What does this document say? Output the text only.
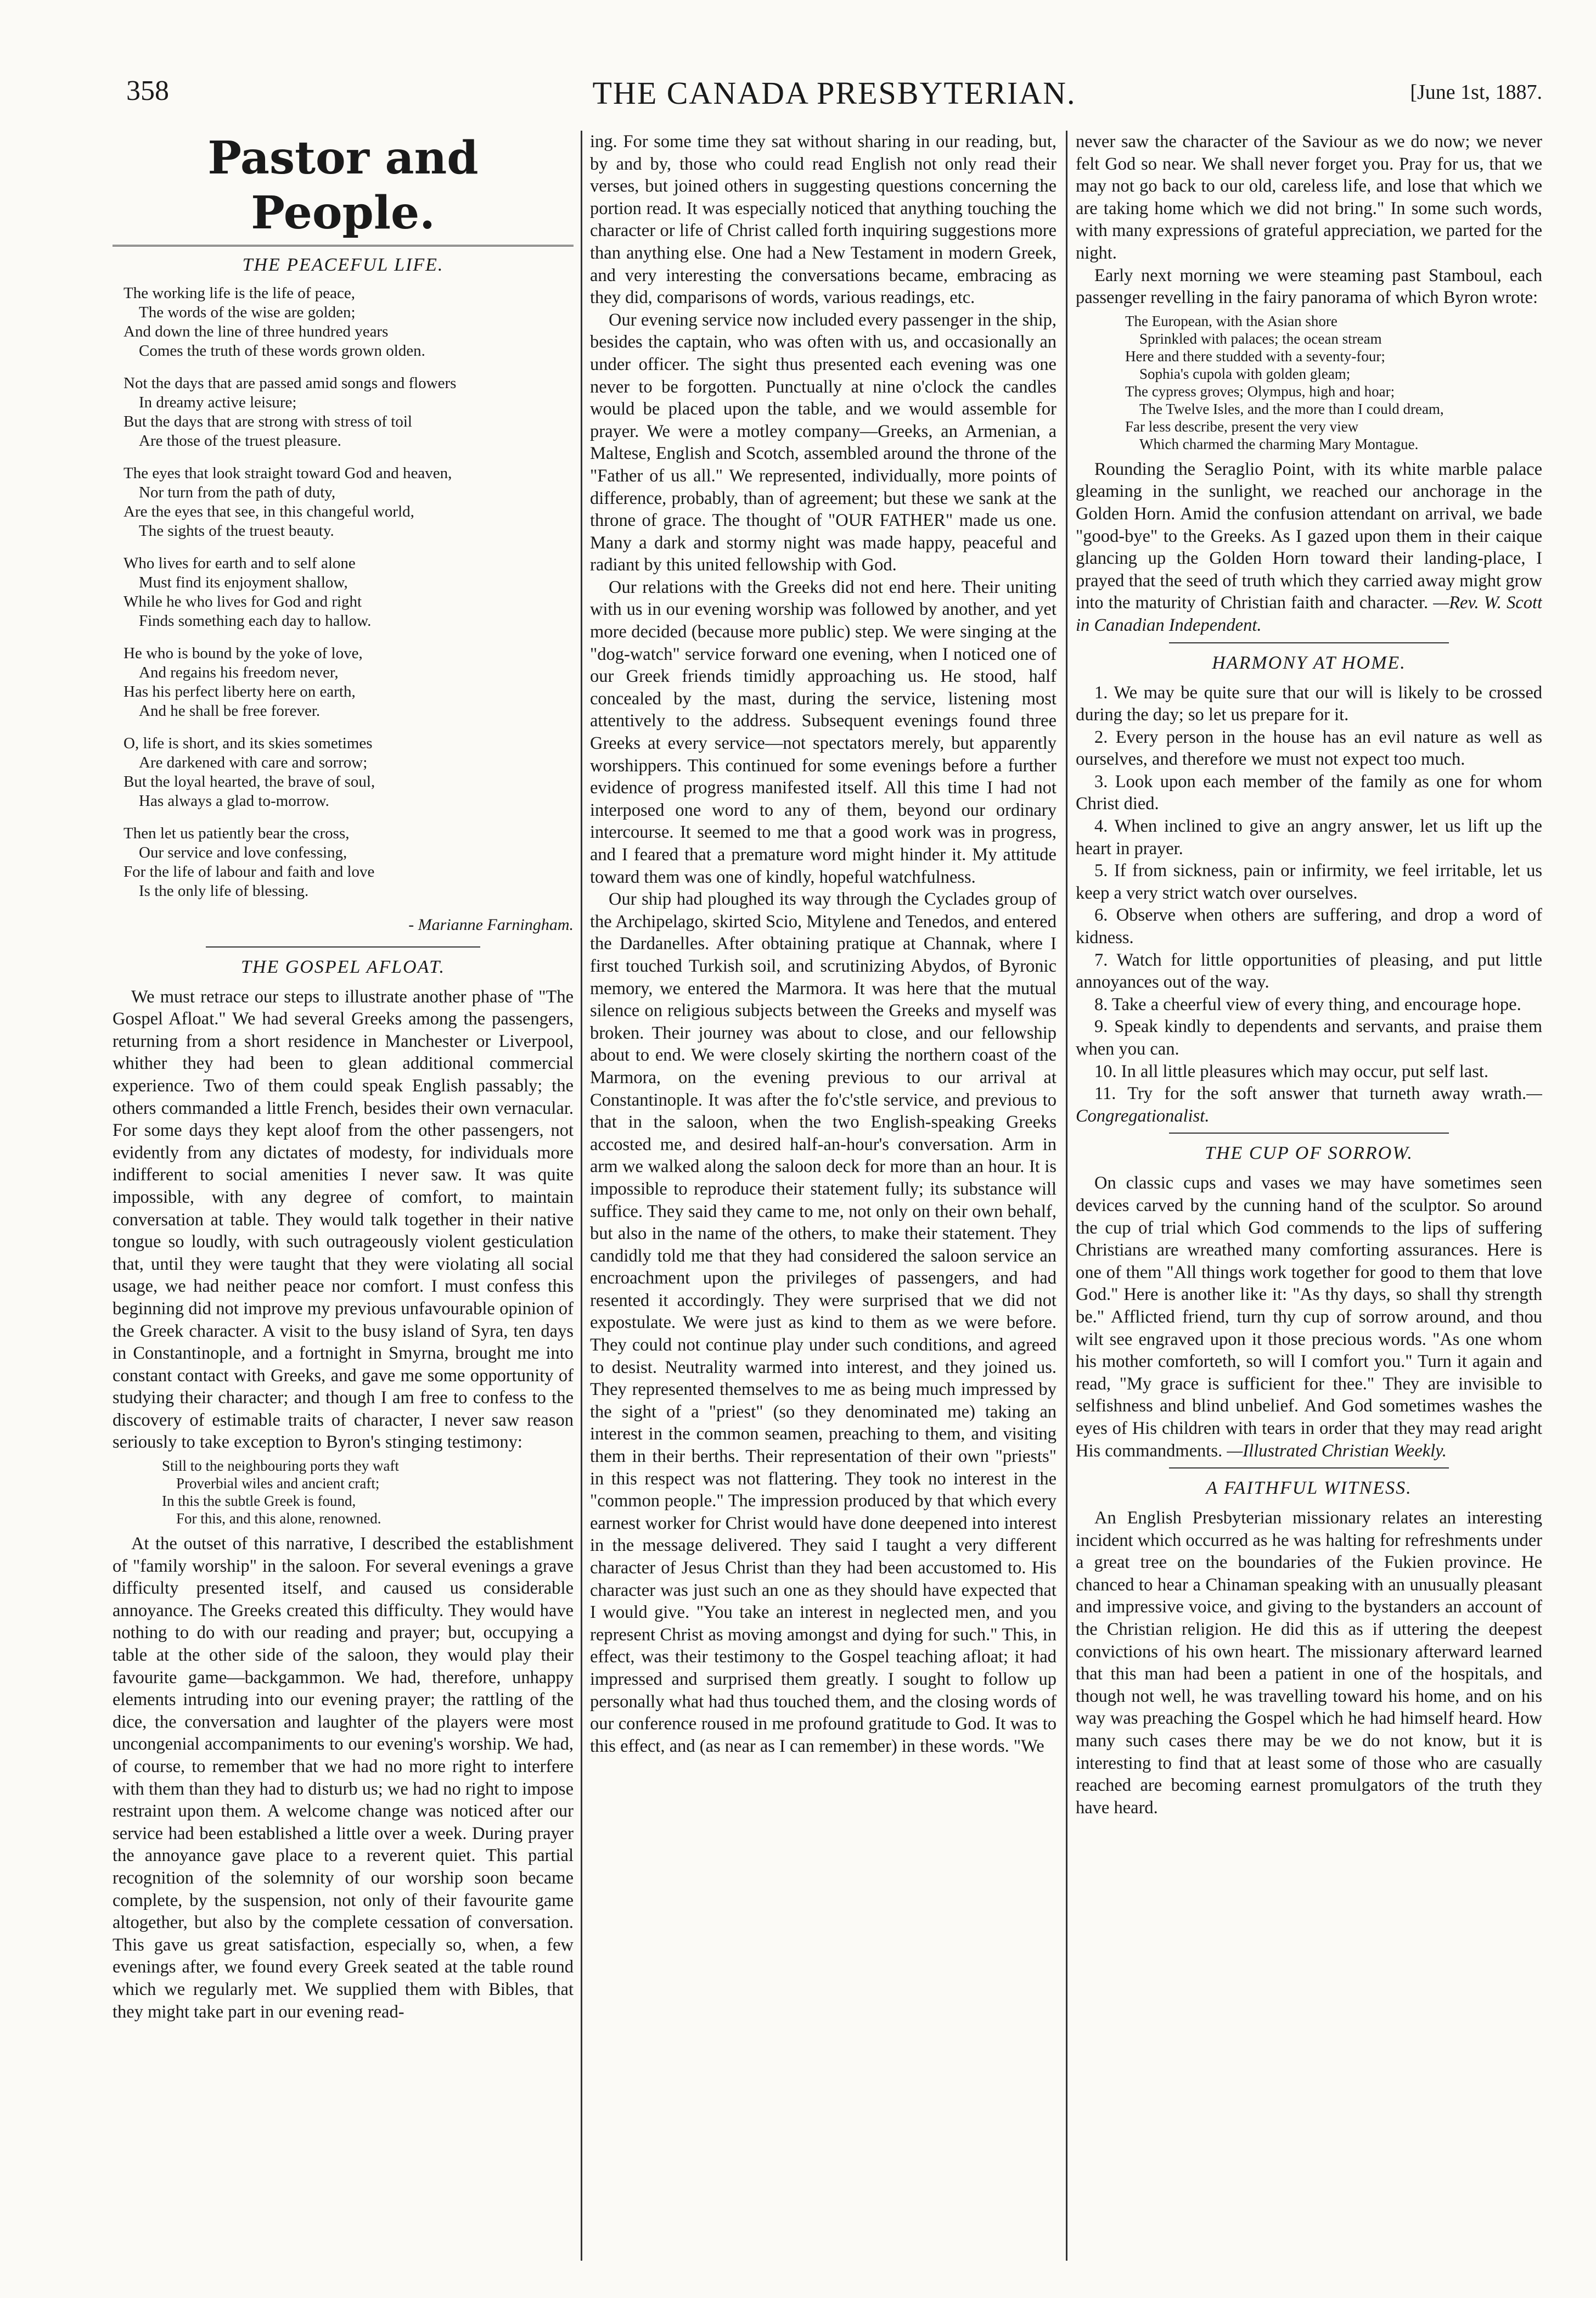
358	THE CANADA PRESBYTERIAN.	[June 1st, 1887.
Pastor and People.
THE PEACEFUL LIFE.
The working life is the life of peace,
The words of the wise are golden;
And down the line of three hundred years
Comes the truth of these words grown olden.
Not the days that are passed amid songs and flowers
In dreamy active leisure;
But the days that are strong with stress of toil
Are those of the truest pleasure.
The eyes that look straight toward God and heaven,
Nor turn from the path of duty,
Are the eyes that see, in this changeful world,
The sights of the truest beauty.
Who lives for earth and to self alone
Must find its enjoyment shallow,
While he who lives for God and right
Finds something each day to hallow.
He who is bound by the yoke of love,
And regains his freedom never,
Has his perfect liberty here on earth,
And he shall be free forever.
O, life is short, and its skies sometimes
Are darkened with care and sorrow;
But the loyal hearted, the brave of soul,
Has always a glad to-morrow.
Then let us patiently bear the cross,
Our service and love confessing,
For the life of labour and faith and love
Is the only life of blessing.
- Marianne Farningham.
THE GOSPEL AFLOAT.

We must retrace our steps to illustrate another phase of "The Gospel Afloat." We had several Greeks among the passengers, returning from a short residence in Manchester or Liverpool, whither they had been to glean additional commercial experience. Two of them could speak English passably; the others commanded a little French, besides their own vernacular. For some days they kept aloof from the other passengers, not evidently from any dictates of modesty, for individuals more indifferent to social amenities I never saw. It was quite impossible, with any degree of comfort, to maintain conversation at table. They would talk together in their native tongue so loudly, with such outrageously violent gesticulation that, until they were taught that they were violating all social usage, we had neither peace nor comfort. I must confess this beginning did not improve my previous unfavourable opinion of the Greek character. A visit to the busy island of Syra, ten days in Constantinople, and a fortnight in Smyrna, brought me into constant contact with Greeks, and gave me some opportunity of studying their character; and though I am free to confess to the discovery of estimable traits of character, I never saw reason seriously to take exception to Byron's stinging testimony:

Still to the neighbouring ports they waft
Proverbial wiles and ancient craft;
In this the subtle Greek is found,
For this, and this alone, renowned.

At the outset of this narrative, I described the establishment of "family worship" in the saloon. For several evenings a grave difficulty presented itself, and caused us considerable annoyance. The Greeks created this difficulty. They would have nothing to do with our reading and prayer; but, occupying a table at the other side of the saloon, they would play their favourite game—backgammon. We had, therefore, unhappy elements intruding into our evening prayer; the rattling of the dice, the conversation and laughter of the players were most uncongenial accompaniments to our evening's worship. We had, of course, to remember that we had no more right to interfere with them than they had to disturb us; we had no right to impose restraint upon them. A welcome change was noticed after our service had been established a little over a week. During prayer the annoyance gave place to a reverent quiet. This partial recognition of the solemnity of our worship soon became complete, by the suspension, not only of their favourite game altogether, but also by the complete cessation of conversation. This gave us great satisfaction, especially so, when, a few evenings after, we found every Greek seated at the table round which we regularly met. We supplied them with Bibles, that they might take part in our evening read-

ing. For some time they sat without sharing in our reading, but, by and by, those who could read English not only read their verses, but joined others in suggesting questions concerning the portion read. It was especially noticed that anything touching the character or life of Christ called forth inquiring suggestions more than anything else. One had a New Testament in modern Greek, and very interesting the conversations became, embracing as they did, comparisons of words, various readings, etc.

Our evening service now included every passenger in the ship, besides the captain, who was often with us, and occasionally an under officer. The sight thus presented each evening was one never to be forgotten. Punctually at nine o'clock the candles would be placed upon the table, and we would assemble for prayer. We were a motley company—Greeks, an Armenian, a Maltese, English and Scotch, assembled around the throne of the "Father of us all." We represented, individually, more points of difference, probably, than of agreement; but these we sank at the throne of grace. The thought of "OUR FATHER" made us one. Many a dark and stormy night was made happy, peaceful and radiant by this united fellowship with God.

Our relations with the Greeks did not end here. Their uniting with us in our evening worship was followed by another, and yet more decided (because more public) step. We were singing at the "dog-watch" service forward one evening, when I noticed one of our Greek friends timidly approaching us. He stood, half concealed by the mast, during the service, listening most attentively to the address. Subsequent evenings found three Greeks at every service—not spectators merely, but apparently worshippers. This continued for some evenings before a further evidence of progress manifested itself. All this time I had not interposed one word to any of them, beyond our ordinary intercourse. It seemed to me that a good work was in progress, and I feared that a premature word might hinder it. My attitude toward them was one of kindly, hopeful watchfulness.

Our ship had ploughed its way through the Cyclades group of the Archipelago, skirted Scio, Mitylene and Tenedos, and entered the Dardanelles. After obtaining pratique at Channak, where I first touched Turkish soil, and scrutinizing Abydos, of Byronic memory, we entered the Marmora. It was here that the mutual silence on religious subjects between the Greeks and myself was broken. Their journey was about to close, and our fellowship about to end. We were closely skirting the northern coast of the Marmora, on the evening previous to our arrival at Constantinople. It was after the fo'c'stle service, and previous to that in the saloon, when the two English-speaking Greeks accosted me, and desired half-an-hour's conversation. Arm in arm we walked along the saloon deck for more than an hour. It is impossible to reproduce their statement fully; its substance will suffice. They said they came to me, not only on their own behalf, but also in the name of the others, to make their statement. They candidly told me that they had considered the saloon service an encroachment upon the privileges of passengers, and had resented it accordingly. They were surprised that we did not expostulate. We were just as kind to them as we were before. They could not continue play under such conditions, and agreed to desist. Neutrality warmed into interest, and they joined us. They represented themselves to me as being much impressed by the sight of a "priest" (so they denominated me) taking an interest in the common seamen, preaching to them, and visiting them in their berths. Their representation of their own "priests" in this respect was not flattering. They took no interest in the "common people." The impression produced by that which every earnest worker for Christ would have done deepened into interest in the message delivered. They said I taught a very different character of Jesus Christ than they had been accustomed to. His character was just such an one as they should have expected that I would give. "You take an interest in neglected men, and you represent Christ as moving amongst and dying for such." This, in effect, was their testimony to the Gospel teaching afloat; it had impressed and surprised them greatly. I sought to follow up personally what had thus touched them, and the closing words of our conference roused in me profound gratitude to God. It was to this effect, and (as near as I can remember) in these words. "We

never saw the character of the Saviour as we do now; we never felt God so near. We shall never forget you. Pray for us, that we may not go back to our old, careless life, and lose that which we are taking home which we did not bring." In some such words, with many expressions of grateful appreciation, we parted for the night.

Early next morning we were steaming past Stamboul, each passenger revelling in the fairy panorama of which Byron wrote:

The European, with the Asian shore
Sprinkled with palaces; the ocean stream
Here and there studded with a seventy-four;
Sophia's cupola with golden gleam;
The cypress groves; Olympus, high and hoar;
The Twelve Isles, and the more than I could dream,
Far less describe, present the very view
Which charmed the charming Mary Montague.

Rounding the Seraglio Point, with its white marble palace gleaming in the sunlight, we reached our anchorage in the Golden Horn. Amid the confusion attendant on arrival, we bade "good-bye" to the Greeks. As I gazed upon them in their caique glancing up the Golden Horn toward their landing-place, I prayed that the seed of truth which they carried away might grow into the maturity of Christian faith and character. —Rev. W. Scott in Canadian Independent.

HARMONY AT HOME.

1. We may be quite sure that our will is likely to be crossed during the day; so let us prepare for it.

2. Every person in the house has an evil nature as well as ourselves, and therefore we must not expect too much.

3. Look upon each member of the family as one for whom Christ died.

4. When inclined to give an angry answer, let us lift up the heart in prayer.

5. If from sickness, pain or infirmity, we feel irritable, let us keep a very strict watch over ourselves.

6. Observe when others are suffering, and drop a word of kidness.

7. Watch for little opportunities of pleasing, and put little annoyances out of the way.

8. Take a cheerful view of every thing, and encourage hope.

9. Speak kindly to dependents and servants, and praise them when you can.

10. In all little pleasures which may occur, put self last.

11. Try for the soft answer that turneth away wrath.—Congregationalist.

THE CUP OF SORROW.

On classic cups and vases we may have sometimes seen devices carved by the cunning hand of the sculptor. So around the cup of trial which God commends to the lips of suffering Christians are wreathed many comforting assurances. Here is one of them "All things work together for good to them that love God." Here is another like it: "As thy days, so shall thy strength be." Afflicted friend, turn thy cup of sorrow around, and thou wilt see engraved upon it those precious words. "As one whom his mother comforteth, so will I comfort you." Turn it again and read, "My grace is sufficient for thee." They are invisible to selfishness and blind unbelief. And God sometimes washes the eyes of His children with tears in order that they may read aright His commandments. —Illustrated Christian Weekly.

A FAITHFUL WITNESS.

An English Presbyterian missionary relates an interesting incident which occurred as he was halting for refreshments under a great tree on the boundaries of the Fukien province. He chanced to hear a Chinaman speaking with an unusually pleasant and impressive voice, and giving to the bystanders an account of the Christian religion. He did this as if uttering the deepest convictions of his own heart. The missionary afterward learned that this man had been a patient in one of the hospitals, and though not well, he was travelling toward his home, and on his way was preaching the Gospel which he had himself heard. How many such cases there may be we do not know, but it is interesting to find that at least some of those who are casually reached are becoming earnest promulgators of the truth they have heard.
